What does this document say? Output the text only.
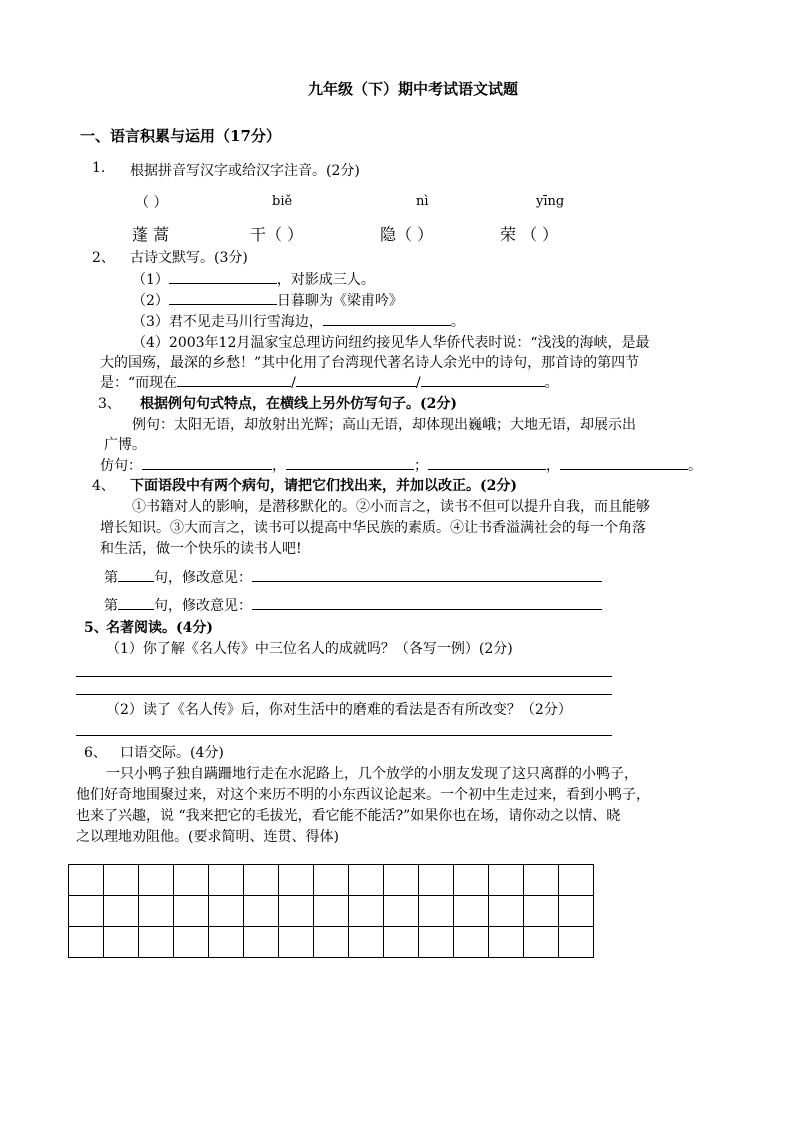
九年级（下）期中考试语文试题
一、语言积累与运用（17分）
1. 根据拼音写汉字或给汉字注音。(2分)
（ ）	biě	nì	yīng
蓬 蒿	干（ ）	隐（ ）	荣 （ ）
2、 古诗文默写。(3分)
（1）	，对影成三人。
（2）	日暮聊为《梁甫吟》
（3）君不见走马川行雪海边，	。
（4）2003年12月温家宝总理访问纽约接见华人华侨代表时说：“浅浅的海峡，是最
大的国殇，最深的乡愁！”其中化用了台湾现代著名诗人余光中的诗句，那首诗的第四节
是：“而现在	/	/	。
3、 根据例句句式特点，在横线上另外仿写句子。(2分)
例句：太阳无语，却放射出光辉；高山无语，却体现出巍峨；大地无语，却展示出
广博。
仿句：	，	；	，	。
4、 下面语段中有两个病句，请把它们找出来，并加以改正。(2分)
①书籍对人的影响，是潜移默化的。②小而言之，读书不但可以提升自我，而且能够
增长知识。③大而言之，读书可以提高中华民族的素质。④让书香溢满社会的每一个角落
和生活，做一个快乐的读书人吧!
第	句，修改意见：
第	句，修改意见：
5、
名著阅读。(4分)
（1）你了解《名人传》中三位名人的成就吗？（各写一例）(2分)
（2）读了《名人传》后，你对生活中的磨难的看法是否有所改变？（2分）
6、 口语交际。(4分)
一只小鸭子独自蹒跚地行走在水泥路上，几个放学的小朋友发现了这只离群的小鸭子，
他们好奇地围聚过来，对这个来历不明的小东西议论起来。一个初中生走过来，看到小鸭子，
也来了兴趣，说 “我来把它的毛拔光，看它能不能活?”如果你也在场，请你动之以情、晓
之以理地劝阻他。(要求简明、连贯、得体)
